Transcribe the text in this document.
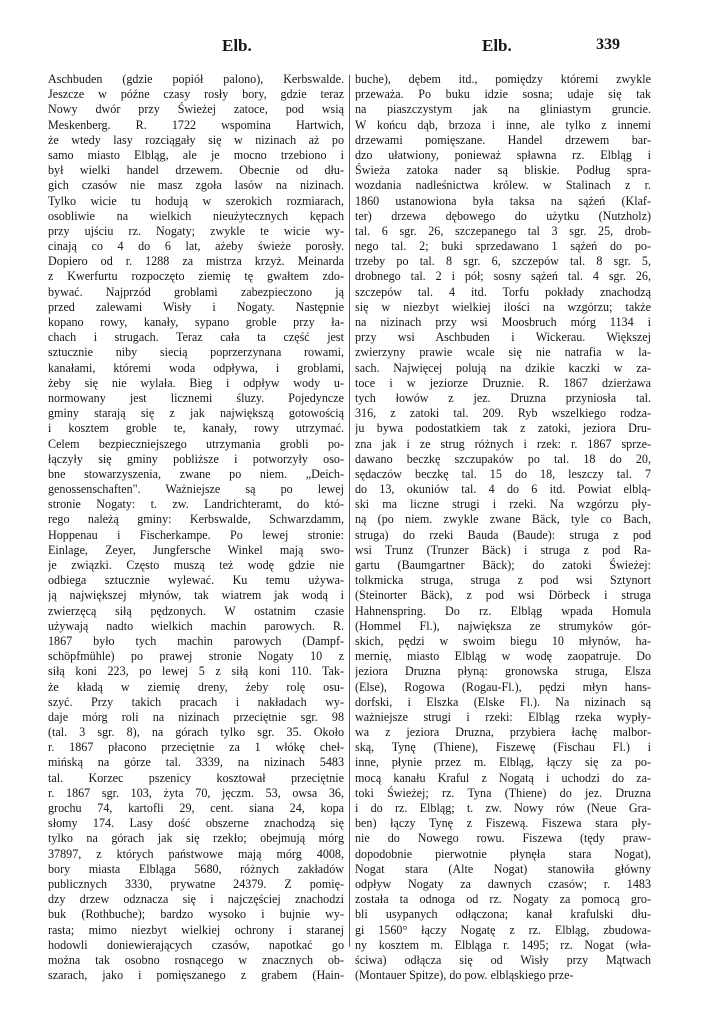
Elb.	Elb.	339
Aschbuden (gdzie popiół palono), Kerbswalde.
Jeszcze w późne czasy rosły bory, gdzie teraz
Nowy dwór przy Świeżej zatoce, pod wsią
Meskenberg. R. 1722 wspomina Hartwich,
że wtedy lasy rozciągały się w nizinach aż po
samo miasto Elbląg, ale je mocno trzebiono i
był wielki handel drzewem. Obecnie od dłu-
gich czasów nie masz zgoła lasów na nizinach.
Tylko wicie tu hodują w szerokich rozmiarach,
osobliwie na wielkich nieużytecznych kępach
przy ujściu rz. Nogaty; zwykle te wicie wy-
cinają co 4 do 6 lat, ażeby świeże porosły.
Dopiero od r. 1288 za mistrza krzyż. Meinarda
z Kwerfurtu rozpoczęto ziemię tę gwałtem zdo-
bywać. Najprzód groblami zabezpieczono ją
przed zalewami Wisły i Nogaty. Następnie
kopano rowy, kanały, sypano groble przy ła-
chach i strugach. Teraz cała ta część jest
sztucznie niby siecią poprzerzynana rowami,
kanałami, któremi woda odpływa, i groblami,
żeby się nie wylała. Bieg i odpływ wody u-
normowany jest licznemi śluzy. Pojedyncze
gminy starają się z jak największą gotowością
i kosztem groble te, kanały, rowy utrzymać.
Celem bezpieczniejszego utrzymania grobli po-
łączyły się gminy pobliższe i potworzyły oso-
bne stowarzyszenia, zwane po niem. „Deich-
genossenschaften". Ważniejsze są po lewej
stronie Nogaty: t. zw. Landrichteramt, do któ-
rego należą gminy: Kerbswalde, Schwarzdamm,
Hoppenau i Fischerkampe. Po lewej stronie:
Einlage, Zeyer, Jungfersche Winkel mają swo-
je związki. Często muszą też wodę gdzie nie
odbiega sztucznie wylewać. Ku temu używa-
ją największej młynów, tak wiatrem jak wodą i
zwierzęcą siłą pędzonych. W ostatnim czasie
używają nadto wielkich machin parowych. R.
1867 było tych machin parowych (Dampf-
schöpfmühle) po prawej stronie Nogaty 10 z
siłą koni 223, po lewej 5 z siłą koni 110. Tak-
że kładą w ziemię dreny, żeby rolę osu-
szyć. Przy takich pracach i nakładach wy-
daje mórg roli na nizinach przeciętnie sgr. 98
(tal. 3 sgr. 8), na górach tylko sgr. 35. Około
r. 1867 płacono przeciętnie za 1 włókę cheł-
mińską na górze tal. 3339, na nizinach 5483
tal. Korzec pszenicy kosztował przeciętnie
r. 1867 sgr. 103, żyta 70, jęczm. 53, owsa 36,
grochu 74, kartofli 29, cent. siana 24, kopa
słomy 174. Lasy dość obszerne znachodzą się
tylko na górach jak się rzekło; obejmują mórg
37897, z których państwowe mają mórg 4008,
bory miasta Elbląga 5680, różnych zakładów
publicznych 3330, prywatne 24379. Z pomię-
dzy drzew odznacza się i najczęściej znachodzi
buk (Rothbuche); bardzo wysoko i bujnie wy-
rasta; mimo niezbyt wielkiej ochrony i staranej
hodowli doniewierających czasów, napotkać go
można tak osobno rosnącego w znacznych ob-
szarach, jako i pomięszanego z grabem (Hain-
buche), dębem itd., pomiędzy któremi zwykle
przeważa. Po buku idzie sosna; udaje się tak
na piaszczystym jak na gliniastym gruncie.
W końcu dąb, brzoza i inne, ale tylko z innemi
drzewami pomięszane. Handel drzewem bar-
dzo ułatwiony, ponieważ spławna rz. Elbląg i
Świeża zatoka nader są bliskie. Podług spra-
wozdania nadleśnictwa królew. w Stalinach z r.
1860 ustanowiona była taksa na sążeń (Klaf-
ter) drzewa dębowego do użytku (Nutzholz)
tal. 6 sgr. 26, szczepanego tal 3 sgr. 25, drob-
nego tal. 2; buki sprzedawano 1 sążeń do po-
trzeby po tal. 8 sgr. 6, szczepów tal. 8 sgr. 5,
drobnego tal. 2 i pół; sosny sążeń tal. 4 sgr. 26,
szczepów tal. 4 itd. Torfu pokłady znachodzą
się w niezbyt wielkiej ilości na wzgórzu; także
na nizinach przy wsi Moosbruch mórg 1134 i
przy wsi Aschbuden i Wickerau. Większej
zwierzyny prawie wcale się nie natrafia w la-
sach. Najwięcej polują na dzikie kaczki w za-
toce i w jeziorze Druznie. R. 1867 dzierżawa
tych łowów z jez. Druzna przyniosła tal.
316, z zatoki tal. 209. Ryb wszelkiego rodza-
ju bywa podostatkiem tak z zatoki, jeziora Dru-
zna jak i ze strug różnych i rzek: r. 1867 sprze-
dawano beczkę szczupaków po tal. 18 do 20,
sędaczów beczkę tal. 15 do 18, leszczy tal. 7
do 13, okuniów tal. 4 do 6 itd. Powiat elblą-
ski ma liczne strugi i rzeki. Na wzgórzu pły-
ną (po niem. zwykle zwane Bäck, tyle co Bach,
struga) do rzeki Bauda (Baude): struga z pod
wsi Trunz (Trunzer Bäck) i struga z pod Ra-
gartu (Baumgartner Bäck); do zatoki Świeżej:
tolkmicka struga, struga z pod wsi Sztynort
(Steinorter Bäck), z pod wsi Dörbeck i struga
Hahnenspring. Do rz. Elbląg wpada Homula
(Hommel Fl.), największa ze strumyków gór-
skich, pędzi w swoim biegu 10 młynów, ha-
mernię, miasto Elbląg w wodę zaopatruje. Do
jeziora Druzna płyną: gronowska struga, Elsza
(Else), Rogowa (Rogau-Fl.), pędzi młyn hans-
dorfski, i Elszka (Elske Fl.). Na nizinach są
ważniejsze strugi i rzeki: Elbląg rzeka wypły-
wa z jeziora Druzna, przybiera łachę malbor-
ską, Tynę (Thiene), Fiszewę (Fischau Fl.) i
inne, płynie przez m. Elbląg, łączy się za po-
mocą kanału Kraful z Nogatą i uchodzi do za-
toki Świeżej; rz. Tyna (Thiene) do jez. Druzna
i do rz. Elbląg; t. zw. Nowy rów (Neue Gra-
ben) łączy Tynę z Fiszewą. Fiszewa stara pły-
nie do Nowego rowu. Fiszewa (tędy praw-
dopodobnie pierwotnie płynęła stara Nogat),
Nogat stara (Alte Nogat) stanowiła główny
odpływ Nogaty za dawnych czasów; r. 1483
została ta odnoga od rz. Nogaty za pomocą gro-
bli usypanych odłączona; kanał krafulski dłu-
gi 1560° łączy Nogatę z rz. Elbląg, zbudowa-
ny kosztem m. Elbląga r. 1495; rz. Nogat (wła-
ściwa) odłącza się od Wisły przy Mątwach
(Montauer Spitze), do pow. elbląskiego prze-
